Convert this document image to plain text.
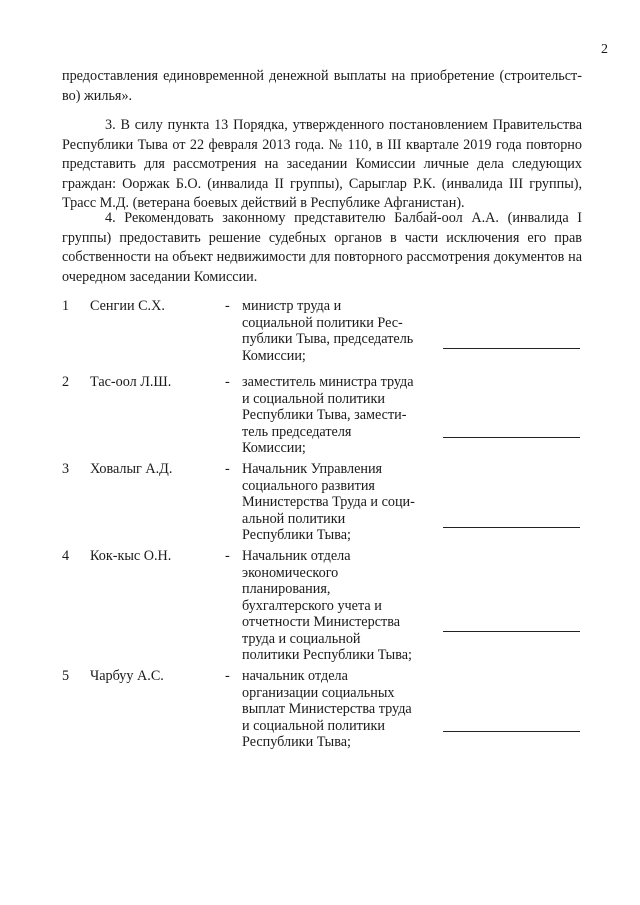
2

предоставления единовременной денежной выплаты на приобретение (строительст-во) жилья».

3. В силу пункта 13 Порядка, утвержденного постановлением Правительства Республики Тыва от 22 февраля 2013 года. № 110, в III квартале 2019 года повторно представить для рассмотрения на заседании Комиссии личные дела следующих граждан: Ооржак Б.О. (инвалида II группы), Сарыглар Р.К. (инвалида III группы), Трасс М.Д. (ветерана боевых действий в Республике Афганистан).

4. Рекомендовать законному представителю Балбай-оол А.А. (инвалида I группы) предоставить решение судебных органов в части исключения его прав собственности на объект недвижимости для повторного рассмотрения документов на очередном заседании Комиссии.

1 Сенгии С.Х.	- министр труда и
социальной политики Рес-
публики Тыва, председатель
Комиссии;
2 Тас-оол Л.Ш.	- заместитель министра труда
и социальной политики
Республики Тыва, замести-
тель председателя
Комиссии;
3 Ховалыг А.Д.	- Начальник Управления
социального развития
Министерства Труда и соци-
альной политики
Республики Тыва;
4 Кок-кыс О.Н.	- Начальник отдела
экономического
планирования,
бухгалтерского учета и
отчетности Министерства
труда и социальной
политики Республики Тыва;
5 Чарбуу А.С.	- начальник отдела
организации социальных
выплат Министерства труда
и социальной политики
Республики Тыва;
